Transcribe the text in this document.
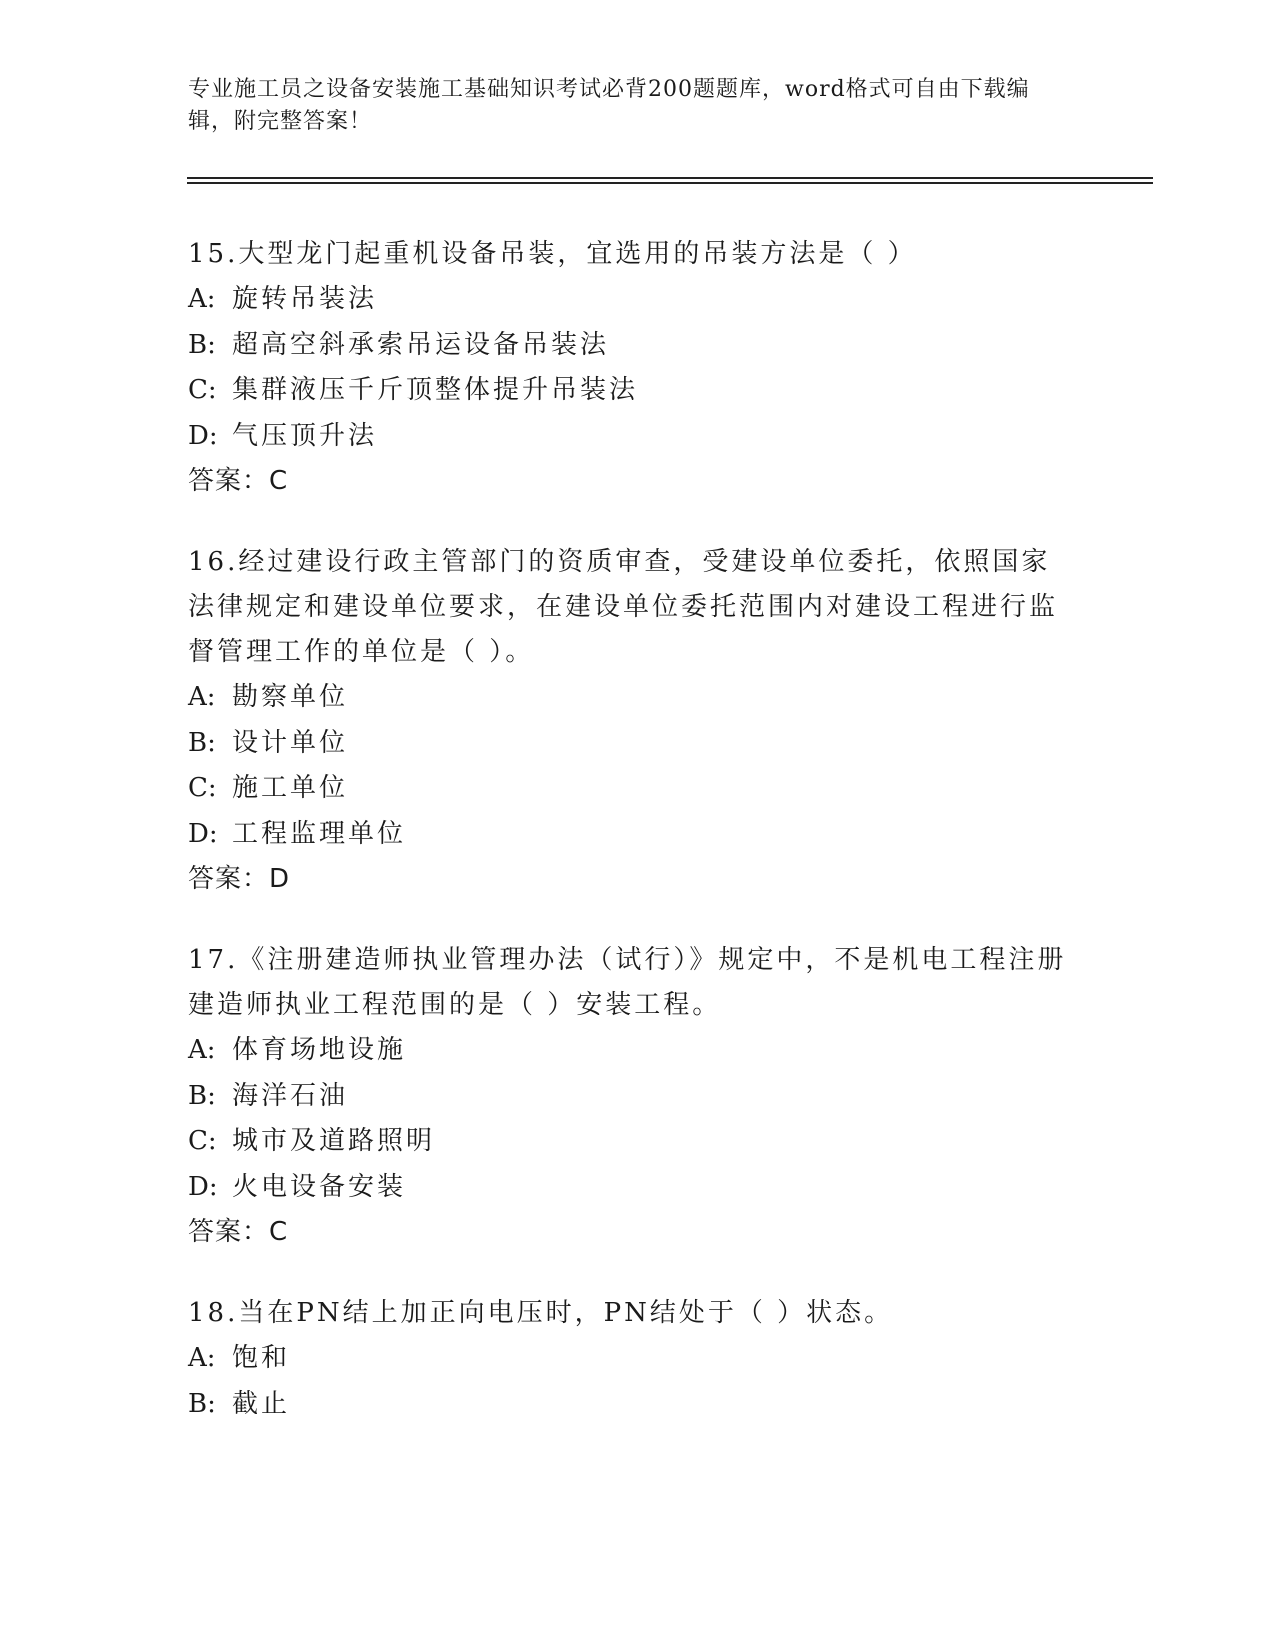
专业施工员之设备安装施工基础知识考试必背200题题库，word格式可自由下载编辑，附完整答案！
15.大型龙门起重机设备吊装，宜选用的吊装方法是（ ）
A: 旋转吊装法
B: 超高空斜承索吊运设备吊装法
C: 集群液压千斤顶整体提升吊装法
D: 气压顶升法
答案：C
16.经过建设行政主管部门的资质审查，受建设单位委托，依照国家法律规定和建设单位要求，在建设单位委托范围内对建设工程进行监督管理工作的单位是（ ）。
A: 勘察单位
B: 设计单位
C: 施工单位
D: 工程监理单位
答案：D
17.《注册建造师执业管理办法（试行）》规定中，不是机电工程注册建造师执业工程范围的是（ ）安装工程。
A: 体育场地设施
B: 海洋石油
C: 城市及道路照明
D: 火电设备安装
答案：C
18.当在PN结上加正向电压时，PN结处于（ ）状态。
A: 饱和
B: 截止
